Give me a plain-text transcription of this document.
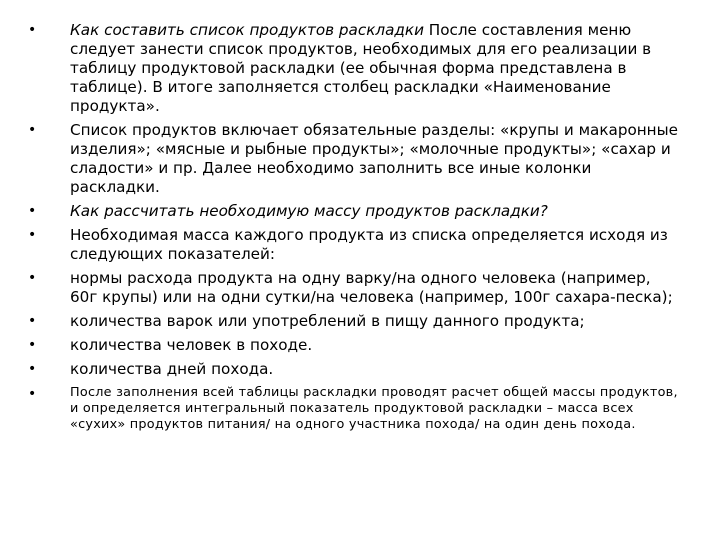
• Как составить список продуктов раскладки После составления меню следует занести список продуктов, необходимых для его реализации в таблицу продуктовой раскладки (ее обычная форма представлена в таблице). В итоге заполняется столбец раскладки «Наименование продукта».
• Список продуктов включает обязательные разделы: «крупы и макаронные изделия»; «мясные и рыбные продукты»; «молочные продукты»; «сахар и сладости» и пр. Далее необходимо заполнить все иные колонки раскладки.
• Как рассчитать необходимую массу продуктов раскладки?
• Необходимая масса каждого продукта из списка определяется исходя из следующих показателей:
• нормы расхода продукта на одну варку/на одного человека (например, 60г крупы) или на одни сутки/на человека (например, 100г сахара-песка);
• количества варок или употреблений в пищу данного продукта;
• количества человек в походе.
• количества дней похода.
•	После заполнения всей таблицы раскладки проводят расчет общей массы продуктов, и определяется интегральный показатель продуктовой раскладки – масса всех «сухих» продуктов питания/ на одного участника похода/ на один день похода.
